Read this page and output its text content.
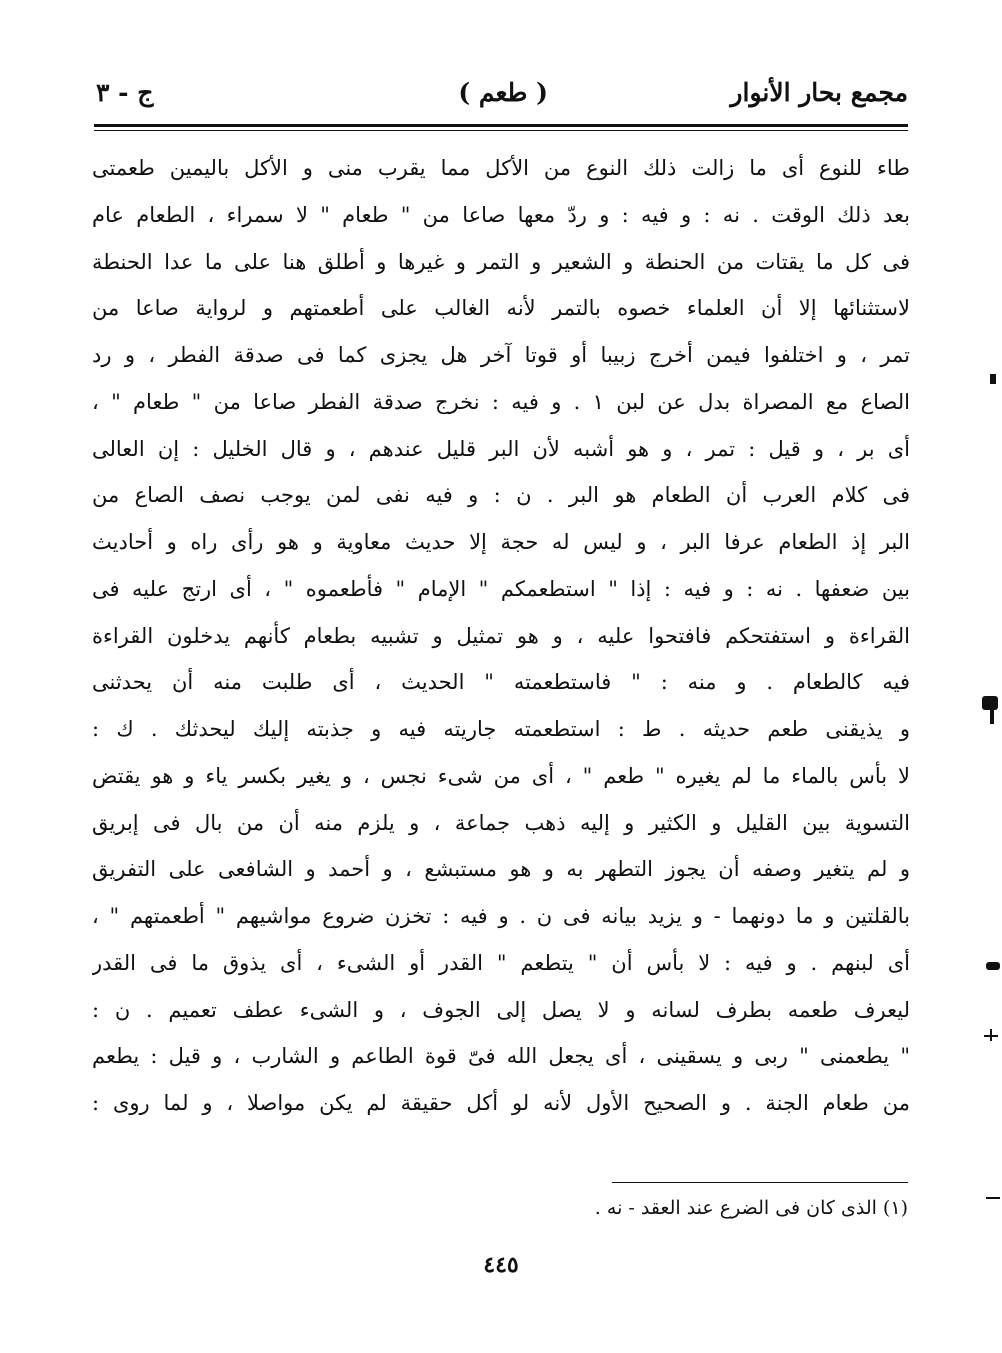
مجمع بحار الأنوار
( طعم )
ج - ٣
طاء للنوع أى ما زالت ذلك النوع من الأكل مما يقرب منى و الأكل باليمين طعمتى
بعد ذلك الوقت . نه : و فيه : و ردّ معها صاعا من " طعام " لا سمراء ، الطعام عام
فى كل ما يقتات من الحنطة و الشعير و التمر و غيرها و أطلق هنا على ما عدا الحنطة
لاستثنائها إلا أن العلماء خصوه بالتمر لأنه الغالب على أطعمتهم و لرواية صاعا من
تمر ، و اختلفوا فيمن أخرج زبيبا أو قوتا آخر هل يجزى كما فى صدقة الفطر ، و رد
الصاع مع المصراة بدل عن لبن ١ . و فيه : نخرج صدقة الفطر صاعا من " طعام " ،
أى بر ، و قيل : تمر ، و هو أشبه لأن البر قليل عندهم ، و قال الخليل : إن العالى
فى كلام العرب أن الطعام هو البر . ن : و فيه نفى لمن يوجب نصف الصاع من
البر إذ الطعام عرفا البر ، و ليس له حجة إلا حديث معاوية و هو رأى راه و أحاديث
بين ضعفها . نه : و فيه : إذا " استطعمكم " الإمام " فأطعموه " ، أى ارتج عليه فى
القراءة و استفتحكم فافتحوا عليه ، و هو تمثيل و تشبيه بطعام كأنهم يدخلون القراءة
فيه كالطعام . و منه : " فاستطعمته " الحديث ، أى طلبت منه أن يحدثنى
و يذيقنى طعم حديثه . ط : استطعمته جاريته فيه و جذبته إليك ليحدثك . ك :
لا بأس بالماء ما لم يغيره " طعم " ، أى من شىء نجس ، و يغير بكسر ياء و هو يقتض
التسوية بين القليل و الكثير و إليه ذهب جماعة ، و يلزم منه أن من بال فى إبريق
و لم يتغير وصفه أن يجوز التطهر به و هو مستبشع ، و أحمد و الشافعى على التفريق
بالقلتين و ما دونهما - و يزيد بيانه فى ن . و فيه : تخزن ضروع مواشيهم " أطعمتهم " ،
أى لبنهم . و فيه : لا بأس أن " يتطعم " القدر أو الشىء ، أى يذوق ما فى القدر
ليعرف طعمه بطرف لسانه و لا يصل إلى الجوف ، و الشىء عطف تعميم . ن :
" يطعمنى " ربى و يسقينى ، أى يجعل الله فىّ قوة الطاعم و الشارب ، و قيل : يطعم
من طعام الجنة . و الصحيح الأول لأنه لو أكل حقيقة لم يكن مواصلا ، و لما روى :
(١) الذى كان فى الضرع عند العقد - نه .
٤٤٥
